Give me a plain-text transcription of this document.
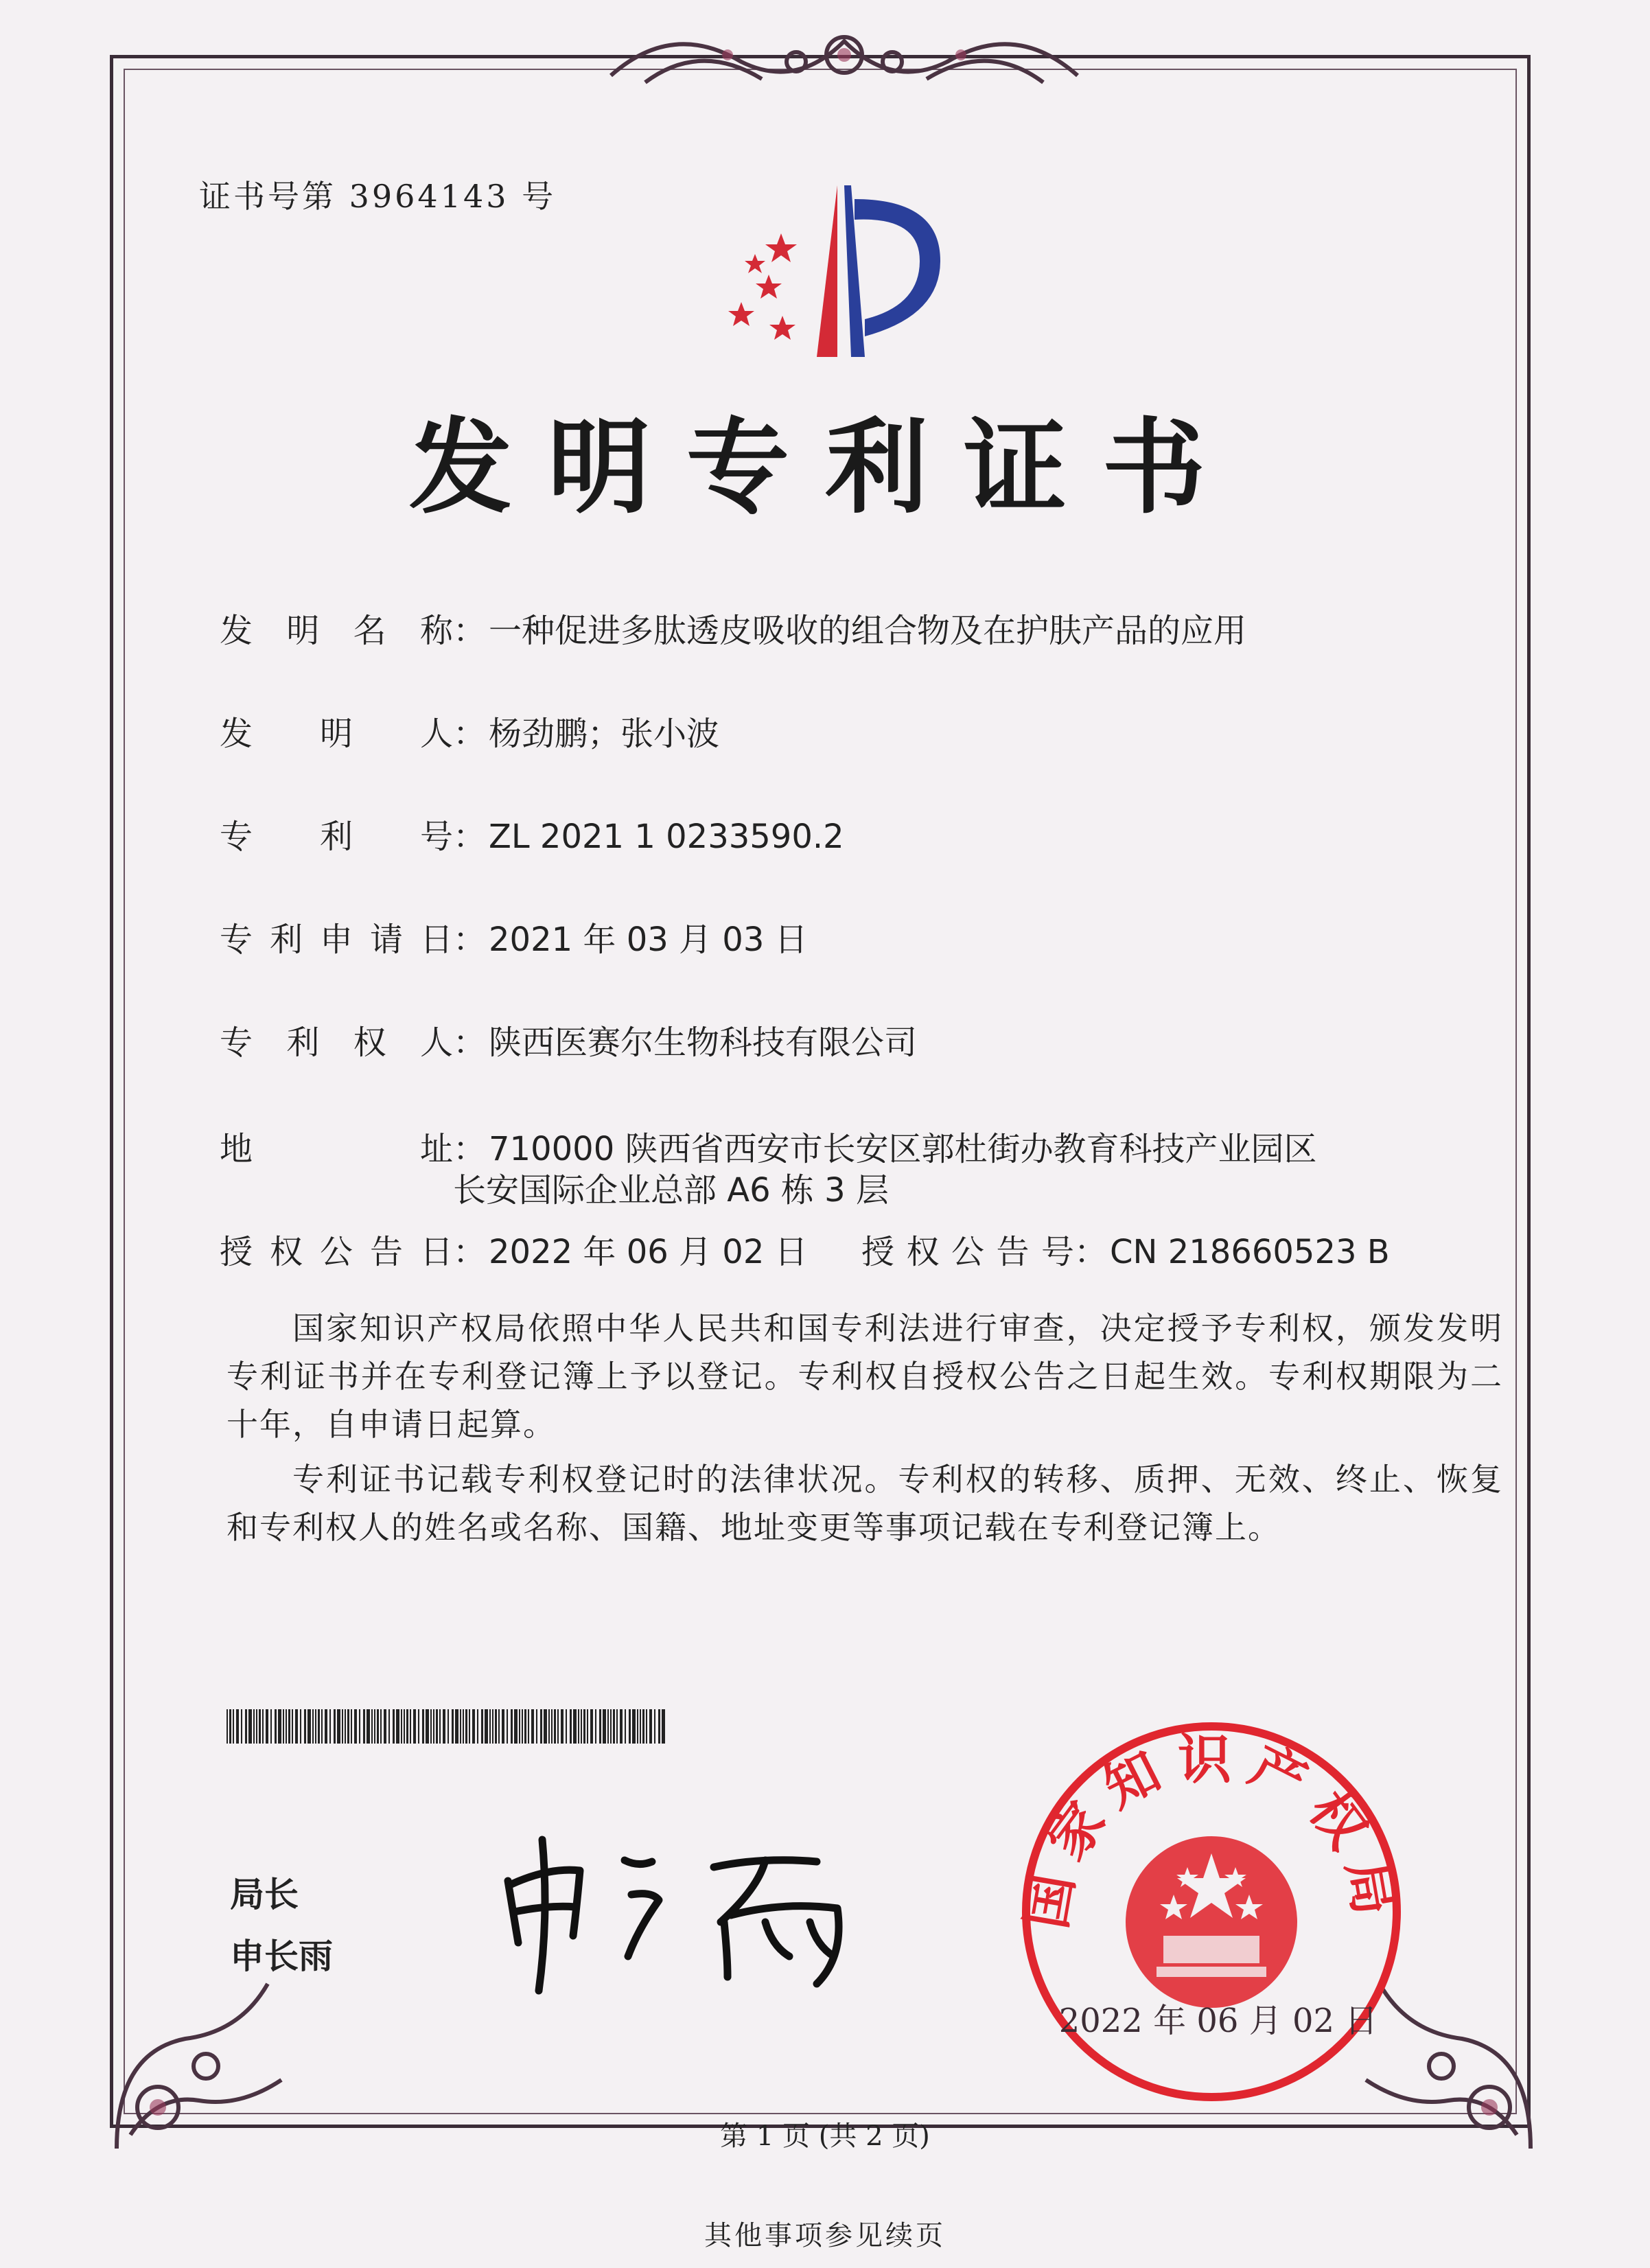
证书号第 3964143 号
发明专利证书
发明名称：一种促进多肽透皮吸收的组合物及在护肤产品的应用
发明人：杨劲鹏；张小波
专利号：ZL 2021 1 0233590.2
专利申请日：2021 年 03 月 03 日
专利权人：陕西医赛尔生物科技有限公司
地址：710000 陕西省西安市长安区郭杜街办教育科技产业园区
长安国际企业总部 A6 栋 3 层
授权公告日：2022 年 06 月 02 日 授权公告号：CN 218660523 B

国家知识产权局依照中华人民共和国专利法进行审查，决定授予专利权，颁发发明专利证书并在专利登记簿上予以登记。专利权自授权公告之日起生效。专利权期限为二十年，自申请日起算。

专利证书记载专利权登记时的法律状况。专利权的转移、质押、无效、终止、恢复和专利权人的姓名或名称、国籍、地址变更等事项记载在专利登记簿上。

局长
申长雨
国家知识产权局
2022 年 06 月 02 日
第 1 页 (共 2 页)
其他事项参见续页
